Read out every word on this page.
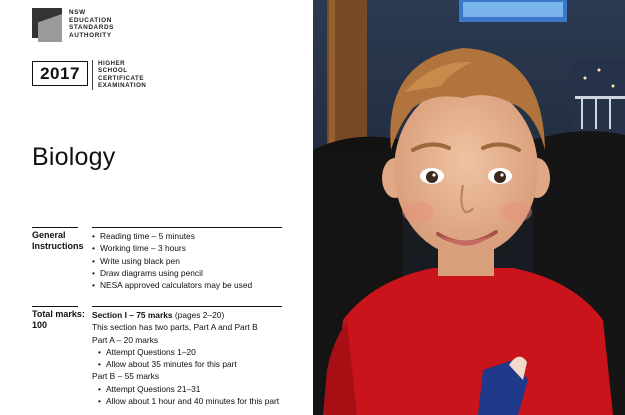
NSW
EDUCATION
STANDARDS
AUTHORITY
2017	HIGHER
SCHOOL
CERTIFICATE
EXAMINATION
Biology
General
Instructions
• Reading time – 5 minutes
• Working time – 3 hours
• Write using black pen
• Draw diagrams using pencil
• NESA approved calculators may be used
Total marks:
100
Section I – 75 marks (pages 2–20)
This section has two parts, Part A and Part B
Part A – 20 marks
• Attempt Questions 1–20
• Allow about 35 minutes for this part
Part B – 55 marks
• Attempt Questions 21–31
• Allow about 1 hour and 40 minutes for this part
